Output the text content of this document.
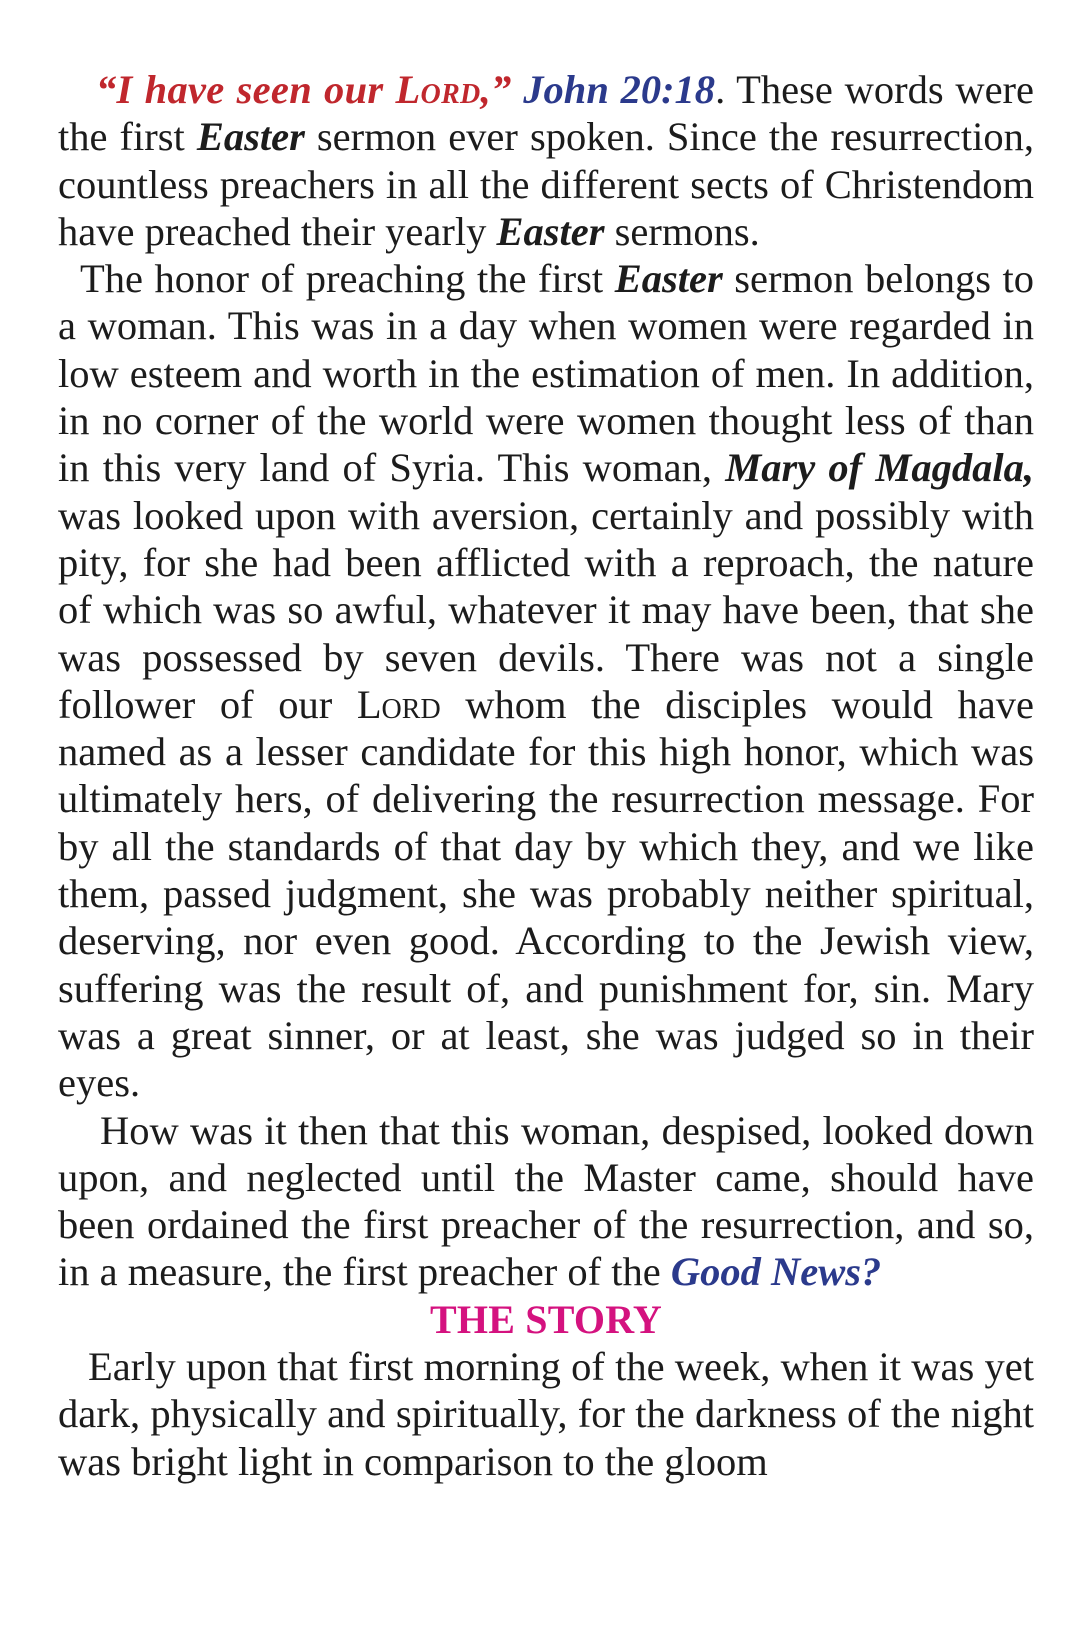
“I have seen our Lord,” John 20:18. These words were the first Easter sermon ever spoken. Since the resurrection, countless preachers in all the different sects of Christendom have preached their yearly Easter sermons.

The honor of preaching the first Easter sermon belongs to a woman. This was in a day when women were regarded in low esteem and worth in the estimation of men. In addition, in no corner of the world were women thought less of than in this very land of Syria. This woman, Mary of Magdala, was looked upon with aversion, certainly and possibly with pity, for she had been afflicted with a reproach, the nature of which was so awful, whatever it may have been, that she was possessed by seven devils. There was not a single follower of our Lord whom the disciples would have named as a lesser candidate for this high honor, which was ultimately hers, of delivering the resurrection message. For by all the standards of that day by which they, and we like them, passed judgment, she was probably neither spiritual, deserving, nor even good. According to the Jewish view, suffering was the result of, and punishment for, sin. Mary was a great sinner, or at least, she was judged so in their eyes.

How was it then that this woman, despised, looked down upon, and neglected until the Master came, should have been ordained the first preacher of the resurrection, and so, in a measure, the first preacher of the Good News?

THE STORY

Early upon that first morning of the week, when it was yet dark, physically and spiritually, for the darkness of the night was bright light in comparison to the gloom
